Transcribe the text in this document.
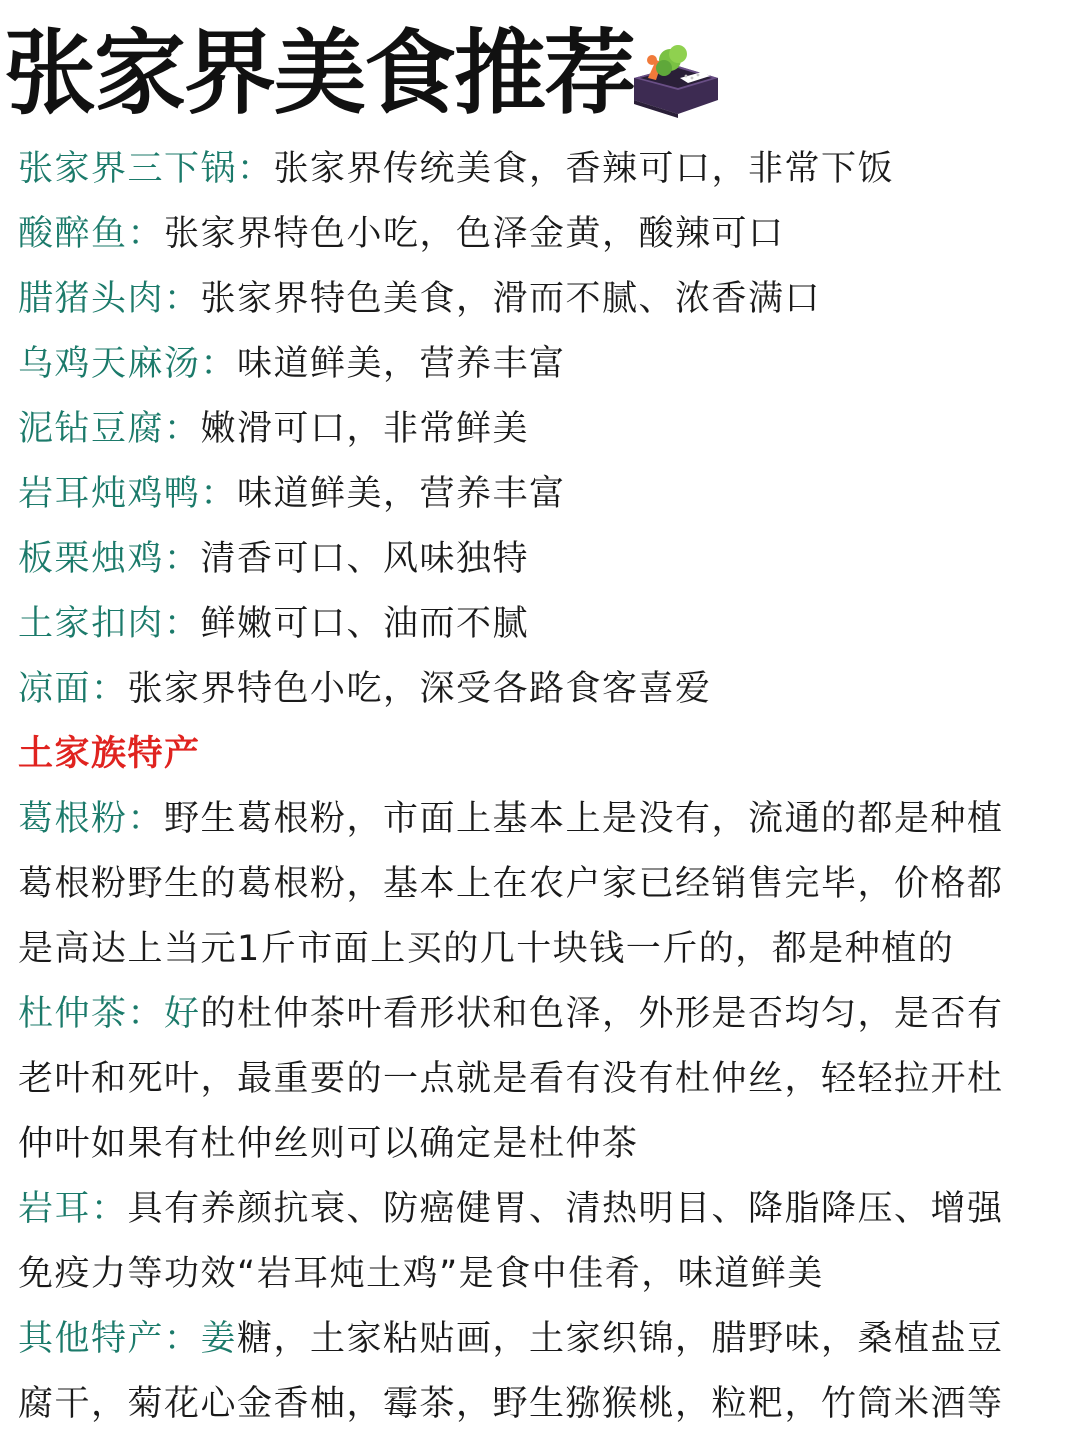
张家界美食推荐
张家界三下锅：张家界传统美食，香辣可口，非常下饭
酸醉鱼：张家界特色小吃，色泽金黄，酸辣可口
腊猪头肉：张家界特色美食，滑而不腻、浓香满口
乌鸡天麻汤：味道鲜美，营养丰富
泥钻豆腐：嫩滑可口，非常鲜美
岩耳炖鸡鸭：味道鲜美，营养丰富
板栗烛鸡：清香可口、风味独特
土家扣肉：鲜嫩可口、油而不腻
凉面：张家界特色小吃，深受各路食客喜爱
土家族特产
葛根粉：野生葛根粉，市面上基本上是没有，流通的都是种植
葛根粉野生的葛根粉，基本上在农户家已经销售完毕，价格都
是高达上当元1斤市面上买的几十块钱一斤的，都是种植的
杜仲茶：好的杜仲茶叶看形状和色泽，外形是否均匀，是否有
老叶和死叶，最重要的一点就是看有没有杜仲丝，轻轻拉开杜
仲叶如果有杜仲丝则可以确定是杜仲茶
岩耳：具有养颜抗衰、防癌健胃、清热明目、降脂降压、增强
免疫力等功效“岩耳炖土鸡”是食中佳肴，味道鲜美
其他特产：姜糖，土家粘贴画，土家织锦，腊野味，桑植盐豆
腐干，菊花心金香柚，霉茶，野生猕猴桃，粒粑，竹筒米酒等
